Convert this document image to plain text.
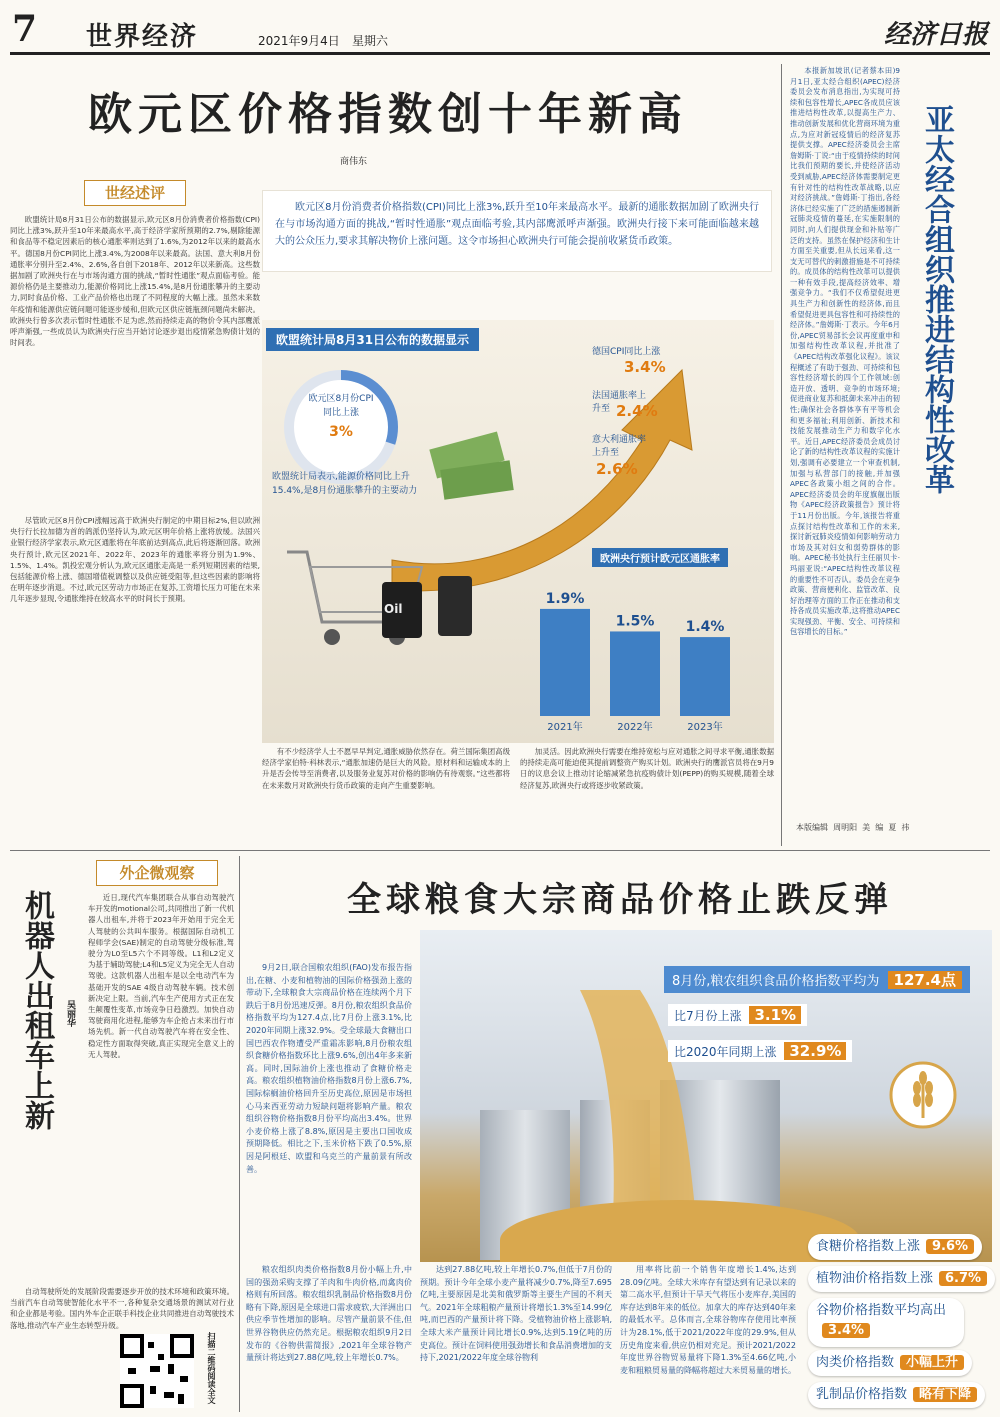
7 世界经济	2021年9月4日 星期六	经济日报
欧元区价格指数创十年新高
商伟东
欧元区8月份消费者价格指数(CPI)同比上涨3%,跃升至10年来最高水平。最新的通胀数据加剧了欧洲央行在与市场沟通方面的挑战,“暂时性通胀”观点面临考验,其内部鹰派呼声渐强。欧洲央行接下来可能面临越来越大的公众压力,要求其解决物价上涨问题。这令市场担心欧洲央行可能会提前收紧货币政策。
世经述评
欧盟统计局8月31日公布的数据显示,欧元区8月份消费者价格指数(CPI)同比上涨3%,跃升至10年来最高水平,高于经济学家所预期的2.7%,剔除能源和食品等不稳定因素后的核心通胀率则达到了1.6%,为2012年以来的最高水平。德国8月份CPI同比上涨3.4%,为2008年以来最高。法国、意大利8月份通胀率分别升至2.4%、2.6%,各自创下2018年、2012年以来新高。这些数据加剧了欧洲央行在与市场沟通方面的挑战,“暂时性通胀”观点面临考验。能源价格仍是主要推动力,能源价格同比上涨15.4%,是8月份通胀攀升的主要动力,同时食品价格、工业产品价格也出现了不同程度的大幅上涨。虽然未来数年疫情和能源供应链问题可能逐步缓和,但欧元区供应链瓶颈问题尚未解决。欧洲央行曾多次表示暂时性通胀不足为虑,然而持续走高的物价令其内部鹰派呼声渐强,一些成员认为欧洲央行应当开始讨论逐步退出疫情紧急购债计划的时间表。
尽管欧元区8月份CPI涨幅远高于欧洲央行制定的中期目标2%,但以欧洲央行行长拉加德为首的鸽派仍坚持认为,欧元区明年价格上涨将放缓。法国兴业银行经济学家表示,欧元区通胀将在年底前达到高点,此后将逐渐回落。欧洲央行预计,欧元区2021年、2022年、2023年的通胀率将分别为1.9%、1.5%、1.4%。凯投宏观分析认为,欧元区通胀走高是一系列短期因素的结果,包括能源价格上涨、德国增值税调整以及供应链受阻等,但这些因素的影响将在明年逐步消退。不过,欧元区劳动力市场正在复苏,工资增长压力可能在未来几年逐步显现,令通胀维持在较高水平的时间长于预期。
欧盟统计局8月31日公布的数据显示
欧元区8月份CPI同比上涨
3%
欧盟统计局表示,能源价格同比上升15.4%,是8月份通胀攀升的主要动力
德国CPI同比上涨
3.4%
法国通胀率上升至 2.4%
意大利通胀率上升至
2.6%
Oil
欧洲央行预计欧元区通胀率
1.9%
2021年
1.5%
2022年
1.4%
2023年
有不少经济学人士不愿早早判定,通胀威胁依然存在。荷兰国际集团高级经济学家伯特·科林表示,“通胀加速仍是巨大的风险。原材料和运输成本的上升是否会传导至消费者,以及服务业复苏对价格的影响仍有待观察。”这些都将在未来数月对欧洲央行货币政策的走向产生重要影响。
加灵活。因此欧洲央行需要在维持宽松与应对通胀之间寻求平衡,通胀数据的持续走高可能迫使其提前调整资产购买计划。欧洲央行的鹰派官员将在9月9日的议息会议上推动讨论缩减紧急抗疫购债计划(PEPP)的购买规模,随着全球经济复苏,欧洲央行或将逐步收紧政策。
本报新加坡讯(记者蔡本田)9月1日,亚太经合组织(APEC)经济委员会发布消息指出,为实现可持续和包容性增长,APEC各成员应该推进结构性改革,以提高生产力、推动创新发展和优化营商环境为重点,为应对新冠疫情后的经济复苏提供支撑。APEC经济委员会主席詹姆斯·丁说:“由于疫情持续的时间比我们预期的要长,并使经济活动受到威胁,APEC经济体需要制定更有针对性的结构性改革战略,以应对经济挑战。”詹姆斯·丁指出,各经济体已经实施了广泛的措施遏制新冠肺炎疫情的蔓延,在实施限制的同时,向人们提供现金和补贴等广泛的支持。虽然在保护经济和生计方面至关重要,但从长远来看,这一支无可替代的刺激措施是不可持续的。成员体的结构性改革可以提供一种有效手段,提高经济效率、增强竞争力。“我们不仅希望促进更具生产力和创新性的经济体,而且希望促进更具包容性和可持续性的经济体。”詹姆斯·丁表示。今年6月份,APEC贸易部长会议再度重申和加强结构性改革议程,并批准了《APEC结构改革强化议程》。该议程概述了有助于强劲、可持续和包容性经济增长的四个工作领域:创造开放、透明、竞争的市场环境;促进商业复苏和抵御未来冲击的韧性;确保社会各群体享有平等机会和更多福祉;利用创新、新技术和技能发展推动生产力和数字化水平。近日,APEC经济委员会成员讨论了新的结构性改革议程的实施计划,强调有必要建立一个审查机制,加强与私营部门的接触,并加强APEC各政策小组之间的合作。APEC经济委员会的年度旗舰出版物《APEC经济政策报告》预计将于11月份出版。今年,该报告将重点探讨结构性改革和工作的未来,探讨新冠肺炎疫情如何影响劳动力市场及其对妇女和弱势群体的影响。APEC秘书处执行主任丽贝卡·玛丽亚说:“APEC结构性改革议程的重要性不可否认。委员会在竞争政策、营商便利化、监管改革、良好治理等方面的工作正在推动和支持各成员实施改革,这将推动APEC实现强劲、平衡、安全、可持续和包容增长的目标。”
亚太经合组织推进结构性改革
本版编辑  周明阳  美  编  夏  祎
外企微观察
机器人出租车上新 吴丽华
近日,现代汽车集团联合从事自动驾驶汽车开发的motional公司,共同推出了新一代机器人出租车,并将于2023年开始用于完全无人驾驶的公共叫车服务。根据国际自动机工程师学会(SAE)制定的自动驾驶分级标准,驾驶分为L0至L5六个不同等级。L1和L2定义为基于辅助驾驶;L4和L5定义为完全无人自动驾驶。这款机器人出租车是以全电动汽车为基础开发的SAE 4级自动驾驶车辆。技术创新决定上限。当前,汽车生产使用方式正在发生颠覆性变革,市场竞争日趋激烈。加快自动驾驶商用化进程,能够为车企抢占未来出行市场先机。新一代自动驾驶汽车将在安全性、稳定性方面取得突破,真正实现完全意义上的无人驾驶。
自动驾驶所处的发展阶段需要逐步开放的技术环境和政策环境。当前汽车自动驾驶智能化水平不一,各种复杂交通场景的测试对行业和企业都是考验。国内外车企正联手科技企业共同推进自动驾驶技术落地,推动汽车产业生态转型升级。
扫描二维码阅读全文
全球粮食大宗商品价格止跌反弹
9月2日,联合国粮农组织(FAO)发布报告指出,在糖、小麦和植物油的国际价格强劲上涨的带动下,全球粮食大宗商品价格在连续两个月下跌后于8月份迅速反弹。8月份,粮农组织食品价格指数平均为127.4点,比7月份上涨3.1%,比2020年同期上涨32.9%。受全球最大食糖出口国巴西农作物遭受严重霜冻影响,8月份粮农组织食糖价格指数环比上涨9.6%,创出4年多来新高。同时,国际油价上涨也推动了食糖价格走高。粮农组织植物油价格指数8月份上涨6.7%,国际棕榈油价格回升至历史高位,原因是市场担心马来西亚劳动力短缺问题将影响产量。粮农组织谷物价格指数8月份平均高出3.4%。世界小麦价格上涨了8.8%,原因是主要出口国收成预期降低。相比之下,玉米价格下跌了0.5%,原因是阿根廷、欧盟和乌克兰的产量前景有所改善。
粮农组织肉类价格指数8月份小幅上升,中国的强劲采购支撑了羊肉和牛肉价格,而禽肉价格则有所回落。粮农组织乳制品价格指数8月份略有下降,原因是全球进口需求疲软,大洋洲出口供应季节性增加的影响。尽管产量前景不佳,但世界谷物供应仍然充足。根据粮农组织9月2日发布的《谷物供需简报》,2021年全球谷物产量预计将达到27.88亿吨,较上年增长0.7%。
达到27.88亿吨,较上年增长0.7%,但低于7月份的预期。预计今年全球小麦产量将减少0.7%,降至7.695亿吨,主要原因是北美和俄罗斯等主要生产国的不利天气。2021年全球粗粮产量预计将增长1.3%至14.99亿吨,而巴西的产量预计将下降。受植物油价格上涨影响,全球大米产量预计同比增长0.9%,达到5.19亿吨的历史高位。预计在饲料使用强劲增长和食品消费增加的支持下,2021/2022年度全球谷物利
用率将比前一个销售年度增长1.4%,达到28.09亿吨。全球大米库存有望达到有记录以来的第二高水平,但预计干旱天气将压小麦库存,美国的库存达到8年来的低位。加拿大的库存达到40年来的最低水平。总体而言,全球谷物库存使用比率预计为28.1%,低于2021/2022年度的29.9%,但从历史角度来看,供应仍相对充足。预计2021/2022年度世界谷物贸易量将下降1.3%至4.66亿吨,小麦和粗粮贸易量的降幅将超过大米贸易量的增长。
8月份,粮农组织食品价格指数平均为 127.4点
比7月份上涨 3.1%
比2020年同期上涨 32.9%
食糖价格指数上涨 9.6%
植物油价格指数上涨 6.7%
谷物价格指数平均高出3.4%
肉类价格指数 小幅上升
乳制品价格指数 略有下降
